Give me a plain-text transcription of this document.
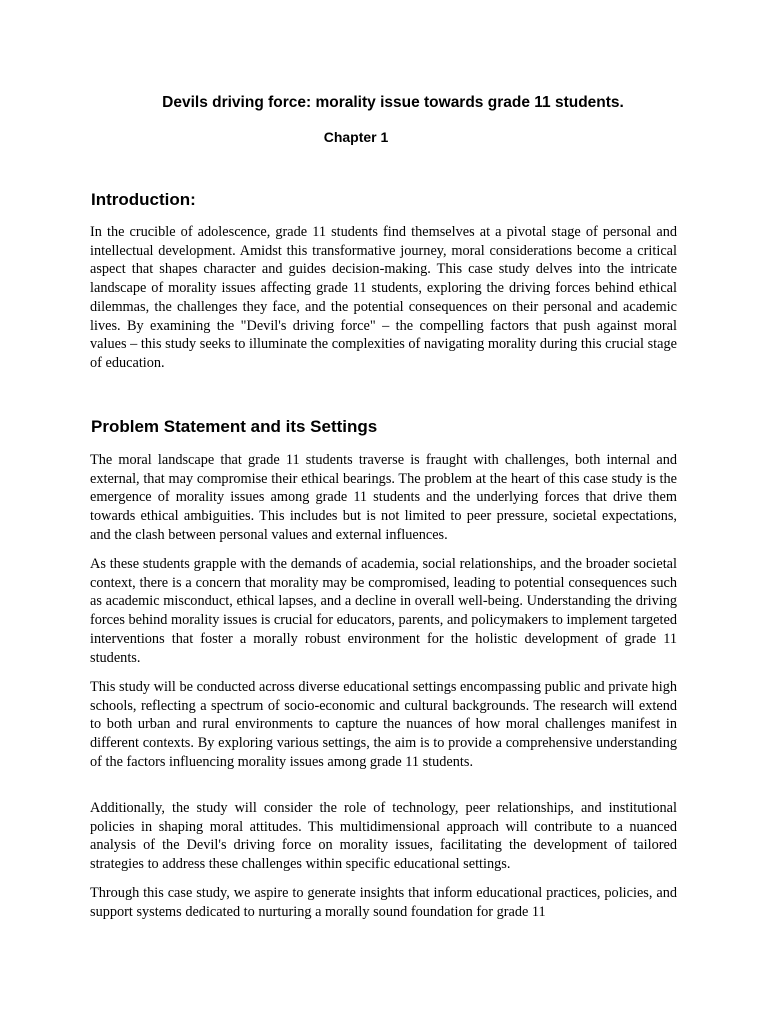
Devils driving force: morality issue towards grade 11 students.
Chapter 1
Introduction:

In the crucible of adolescence, grade 11 students find themselves at a pivotal stage of personal and intellectual development. Amidst this transformative journey, moral considerations become a critical aspect that shapes character and guides decision-making. This case study delves into the intricate landscape of morality issues affecting grade 11 students, exploring the driving forces behind ethical dilemmas, the challenges they face, and the potential consequences on their personal and academic lives. By examining the "Devil's driving force" – the compelling factors that push against moral values – this study seeks to illuminate the complexities of navigating morality during this crucial stage of education.

Problem Statement and its Settings

The moral landscape that grade 11 students traverse is fraught with challenges, both internal and external, that may compromise their ethical bearings. The problem at the heart of this case study is the emergence of morality issues among grade 11 students and the underlying forces that drive them towards ethical ambiguities. This includes but is not limited to peer pressure, societal expectations, and the clash between personal values and external influences.

As these students grapple with the demands of academia, social relationships, and the broader societal context, there is a concern that morality may be compromised, leading to potential consequences such as academic misconduct, ethical lapses, and a decline in overall well-being. Understanding the driving forces behind morality issues is crucial for educators, parents, and policymakers to implement targeted interventions that foster a morally robust environment for the holistic development of grade 11 students.

This study will be conducted across diverse educational settings encompassing public and private high schools, reflecting a spectrum of socio-economic and cultural backgrounds. The research will extend to both urban and rural environments to capture the nuances of how moral challenges manifest in different contexts. By exploring various settings, the aim is to provide a comprehensive understanding of the factors influencing morality issues among grade 11 students.

Additionally, the study will consider the role of technology, peer relationships, and institutional policies in shaping moral attitudes. This multidimensional approach will contribute to a nuanced analysis of the Devil's driving force on morality issues, facilitating the development of tailored strategies to address these challenges within specific educational settings.

Through this case study, we aspire to generate insights that inform educational practices, policies, and support systems dedicated to nurturing a morally sound foundation for grade 11
